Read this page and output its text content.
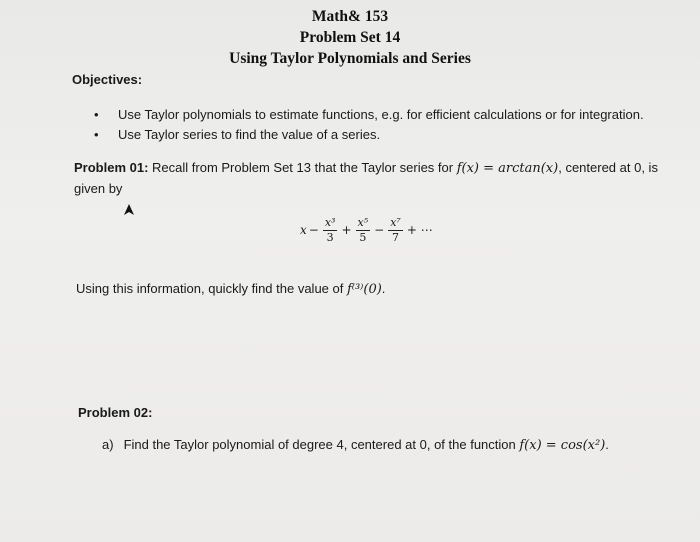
Math& 153
Problem Set 14
Using Taylor Polynomials and Series
Objectives:
• Use Taylor polynomials to estimate functions, e.g. for efficient calculations or for integration.
• Use Taylor series to find the value of a series.
Problem 01: Recall from Problem Set 13 that the Taylor series for f(x) = arctan(x), centered at 0, is given by
$x - \frac{\text{x³}}{3} + \frac{\text{x⁵}}{5} - \frac{\text{x⁷}}{7}$ + ⋯
Using this information, quickly find the value of f⁽³⁾(0).
Problem 02:
a) Find the Taylor polynomial of degree 4, centered at 0, of the function f(x) = cos(x²).
